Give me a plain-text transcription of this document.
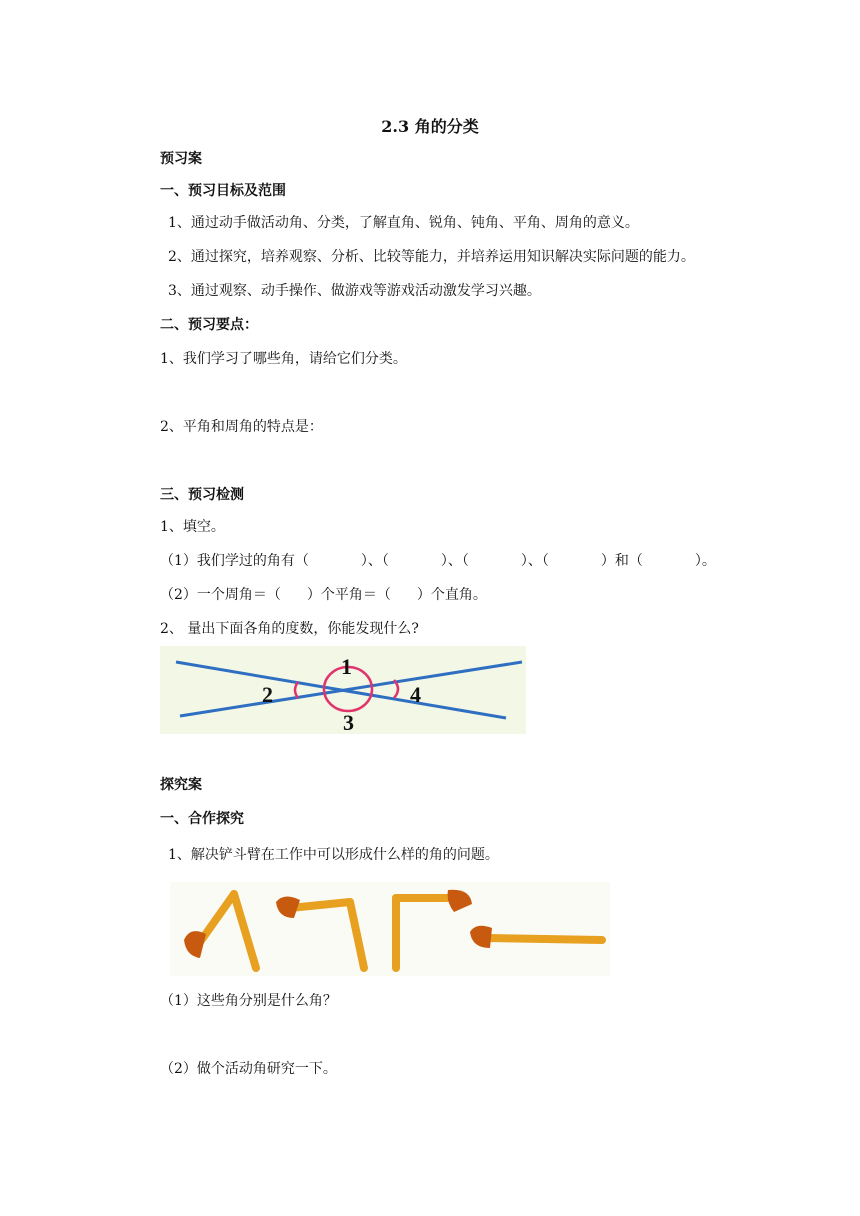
2.3 角的分类
预习案
一、预习目标及范围
1、通过动手做活动角、分类，了解直角、锐角、钝角、平角、周角的意义。
2、通过探究，培养观察、分析、比较等能力，并培养运用知识解决实际问题的能力。
3、通过观察、动手操作、做游戏等游戏活动激发学习兴趣。
二、预习要点：
1、我们学习了哪些角，请给它们分类。
2、平角和周角的特点是：
三、预习检测
1、填空。
（1）我们学过的角有（	）、（	）、（	）、（	）和（	）。
（2）一个周角＝（ ）个平角＝（ ）个直角。
2、 量出下面各角的度数，你能发现什么?
1
2
3
4
探究案
一、合作探究
1、解决铲斗臂在工作中可以形成什么样的角的问题。
（1）这些角分别是什么角？
（2）做个活动角研究一下。
